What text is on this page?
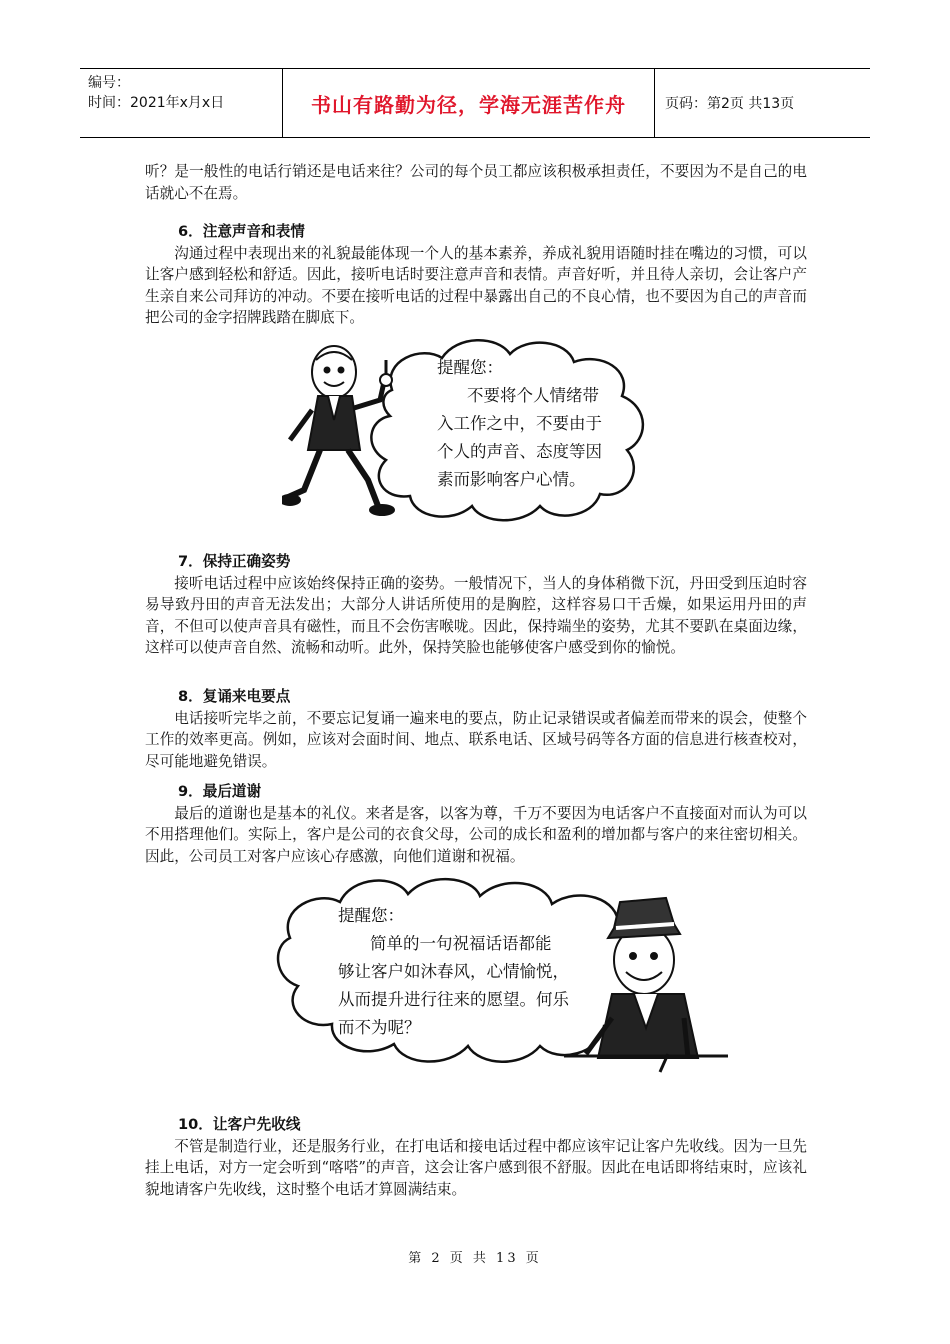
编号：
时间：2021年x月x日	书山有路勤为径，学海无涯苦作舟	页码：第2页 共13页

听？是一般性的电话行销还是电话来往？公司的每个员工都应该积极承担责任，不要因为不是自己的电话就心不在焉。

6．注意声音和表情

沟通过程中表现出来的礼貌最能体现一个人的基本素养，养成礼貌用语随时挂在嘴边的习惯，可以让客户感到轻松和舒适。因此，接听电话时要注意声音和表情。声音好听，并且待人亲切，会让客户产生亲自来公司拜访的冲动。不要在接听电话的过程中暴露出自己的不良心情，也不要因为自己的声音而把公司的金字招牌践踏在脚底下。

提醒您：
不要将个人情绪带
入工作之中，不要由于
个人的声音、态度等因
素而影响客户心情。

7．保持正确姿势

接听电话过程中应该始终保持正确的姿势。一般情况下，当人的身体稍微下沉，丹田受到压迫时容易导致丹田的声音无法发出；大部分人讲话所使用的是胸腔，这样容易口干舌燥，如果运用丹田的声音，不但可以使声音具有磁性，而且不会伤害喉咙。因此，保持端坐的姿势，尤其不要趴在桌面边缘，这样可以使声音自然、流畅和动听。此外，保持笑脸也能够使客户感受到你的愉悦。

8．复诵来电要点

电话接听完毕之前，不要忘记复诵一遍来电的要点，防止记录错误或者偏差而带来的误会，使整个工作的效率更高。例如，应该对会面时间、地点、联系电话、区域号码等各方面的信息进行核查校对，尽可能地避免错误。

9．最后道谢

最后的道谢也是基本的礼仪。来者是客，以客为尊，千万不要因为电话客户不直接面对而认为可以不用搭理他们。实际上，客户是公司的衣食父母，公司的成长和盈利的增加都与客户的来往密切相关。因此，公司员工对客户应该心存感激，向他们道谢和祝福。

提醒您：
简单的一句祝福话语都能
够让客户如沐春风，心情愉悦，
从而提升进行往来的愿望。何乐
而不为呢？

10．让客户先收线

不管是制造行业，还是服务行业，在打电话和接电话过程中都应该牢记让客户先收线。因为一旦先挂上电话，对方一定会听到“喀嗒”的声音，这会让客户感到很不舒服。因此在电话即将结束时，应该礼貌地请客户先收线，这时整个电话才算圆满结束。

第 2 页 共 13 页
